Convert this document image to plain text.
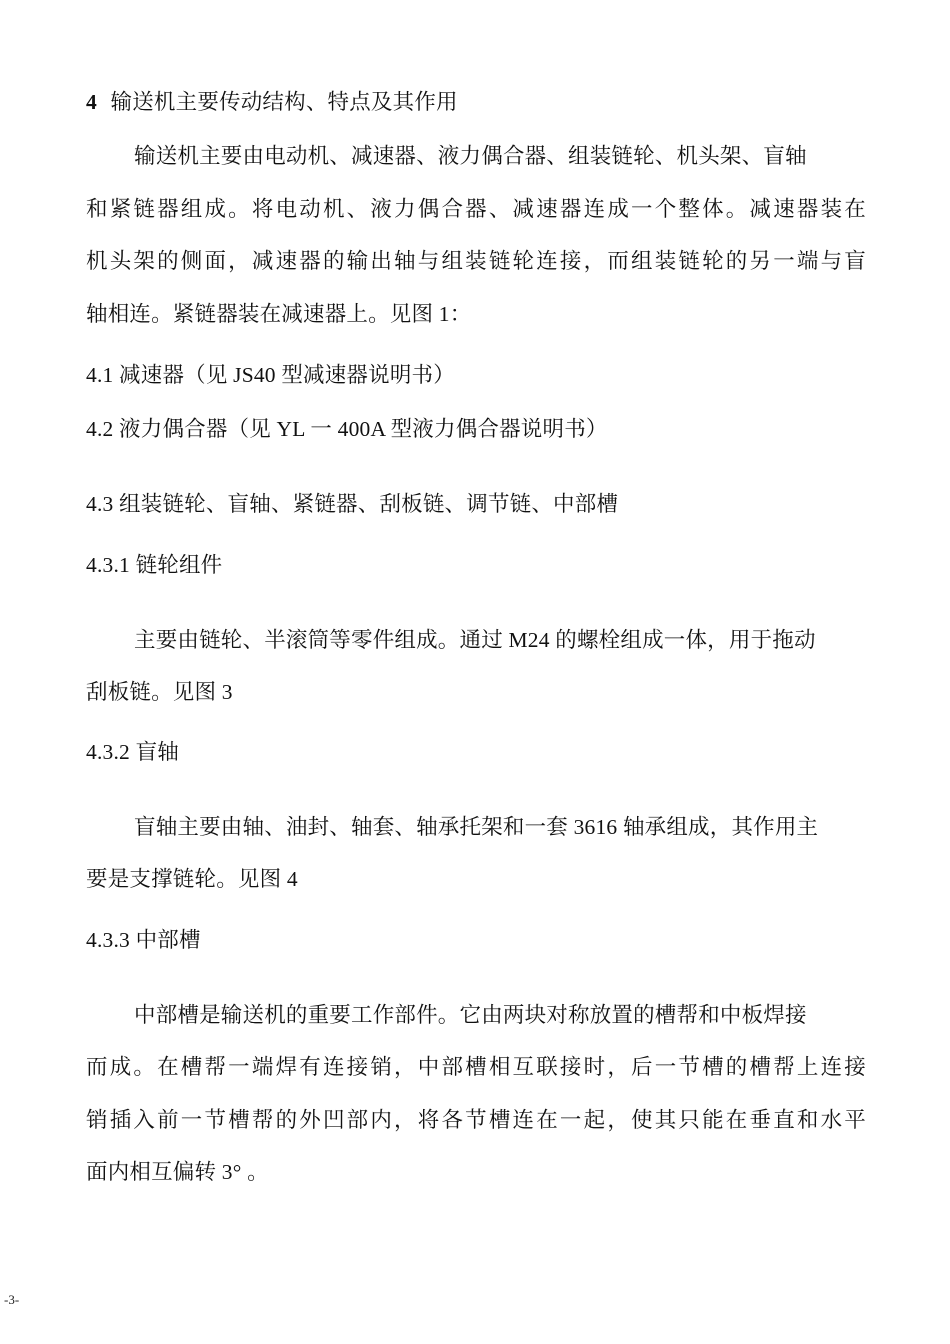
4 输送机主要传动结构、特点及其作用
输送机主要由电动机、减速器、液力偶合器、组装链轮、机头架、盲轴
和紧链器组成。将电动机、液力偶合器、减速器连成一个整体。减速器装在
机头架的侧面，减速器的输出轴与组装链轮连接，而组装链轮的另一端与盲
轴相连。紧链器装在减速器上。见图 1：
4.1 减速器（见 JS40 型减速器说明书）
4.2 液力偶合器（见 YL 一 400A 型液力偶合器说明书）
4.3 组装链轮、盲轴、紧链器、刮板链、调节链、中部槽
4.3.1 链轮组件
主要由链轮、半滚筒等零件组成。通过 M24 的螺栓组成一体，用于拖动
刮板链。见图 3
4.3.2 盲轴
盲轴主要由轴、油封、轴套、轴承托架和一套 3616 轴承组成，其作用主
要是支撑链轮。见图 4
4.3.3 中部槽
中部槽是输送机的重要工作部件。它由两块对称放置的槽帮和中板焊接
而成。在槽帮一端焊有连接销，中部槽相互联接时，后一节槽的槽帮上连接
销插入前一节槽帮的外凹部内，将各节槽连在一起，使其只能在垂直和水平
面内相互偏转 3° 。
-3-
